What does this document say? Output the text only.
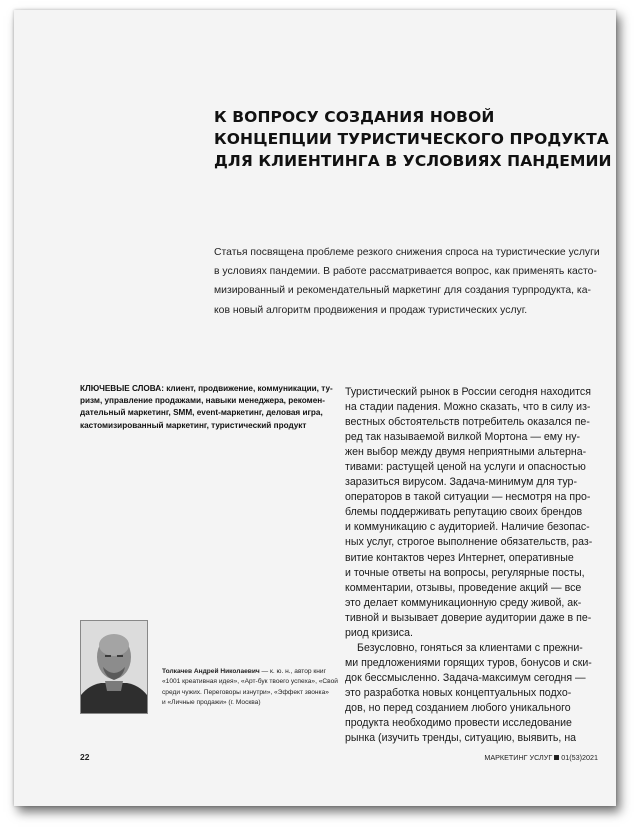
К ВОПРОСУ СОЗДАНИЯ НОВОЙ
КОНЦЕПЦИИ ТУРИСТИЧЕСКОГО ПРОДУКТА
ДЛЯ КЛИЕНТИНГА В УСЛОВИЯХ ПАНДЕМИИ
Статья посвящена проблеме резкого снижения спроса на туристические услуги
в условиях пандемии. В работе рассматривается вопрос, как применять касто-
мизированный и рекомендательный маркетинг для создания турпродукта, ка-
ков новый алгоритм продвижения и продаж туристических услуг.
КЛЮЧЕВЫЕ СЛОВА: клиент, продвижение, коммуникации, ту-
ризм, управление продажами, навыки менеджера, рекомен-
дательный маркетинг, SMM, event-маркетинг, деловая игра,
кастомизированный маркетинг, туристический продукт
Туристический рынок в России сегодня находится
на стадии падения. Можно сказать, что в силу из-
вестных обстоятельств потребитель оказался пе-
ред так называемой вилкой Мортона — ему ну-
жен выбор между двумя неприятными альтерна-
тивами: растущей ценой на услуги и опасностью
заразиться вирусом. Задача-минимум для тур-
операторов в такой ситуации — несмотря на про-
блемы поддерживать репутацию своих брендов
и коммуникацию с аудиторией. Наличие безопас-
ных услуг, строгое выполнение обязательств, раз-
витие контактов через Интернет, оперативные
и точные ответы на вопросы, регулярные посты,
комментарии, отзывы, проведение акций — все
это делает коммуникационную среду живой, ак-
тивной и вызывает доверие аудитории даже в пе-
риод кризиса.
Безусловно, гоняться за клиентами с прежни-
ми предложениями горящих туров, бонусов и ски-
док бессмысленно. Задача-максимум сегодня —
это разработка новых концептуальных подхо-
дов, но перед созданием любого уникального
продукта необходимо провести исследование
рынка (изучить тренды, ситуацию, выявить, на
Толкачев Андрей Николаевич — к. ю. н., автор книг
«1001 креативная идея», «Арт-бук твоего успеха», «Свой
среди чужих. Переговоры изнутри», «Эффект звонка»
и «Личные продажи» (г. Москва)
22	МАРКЕТИНГ УСЛУГ 01(53)2021
